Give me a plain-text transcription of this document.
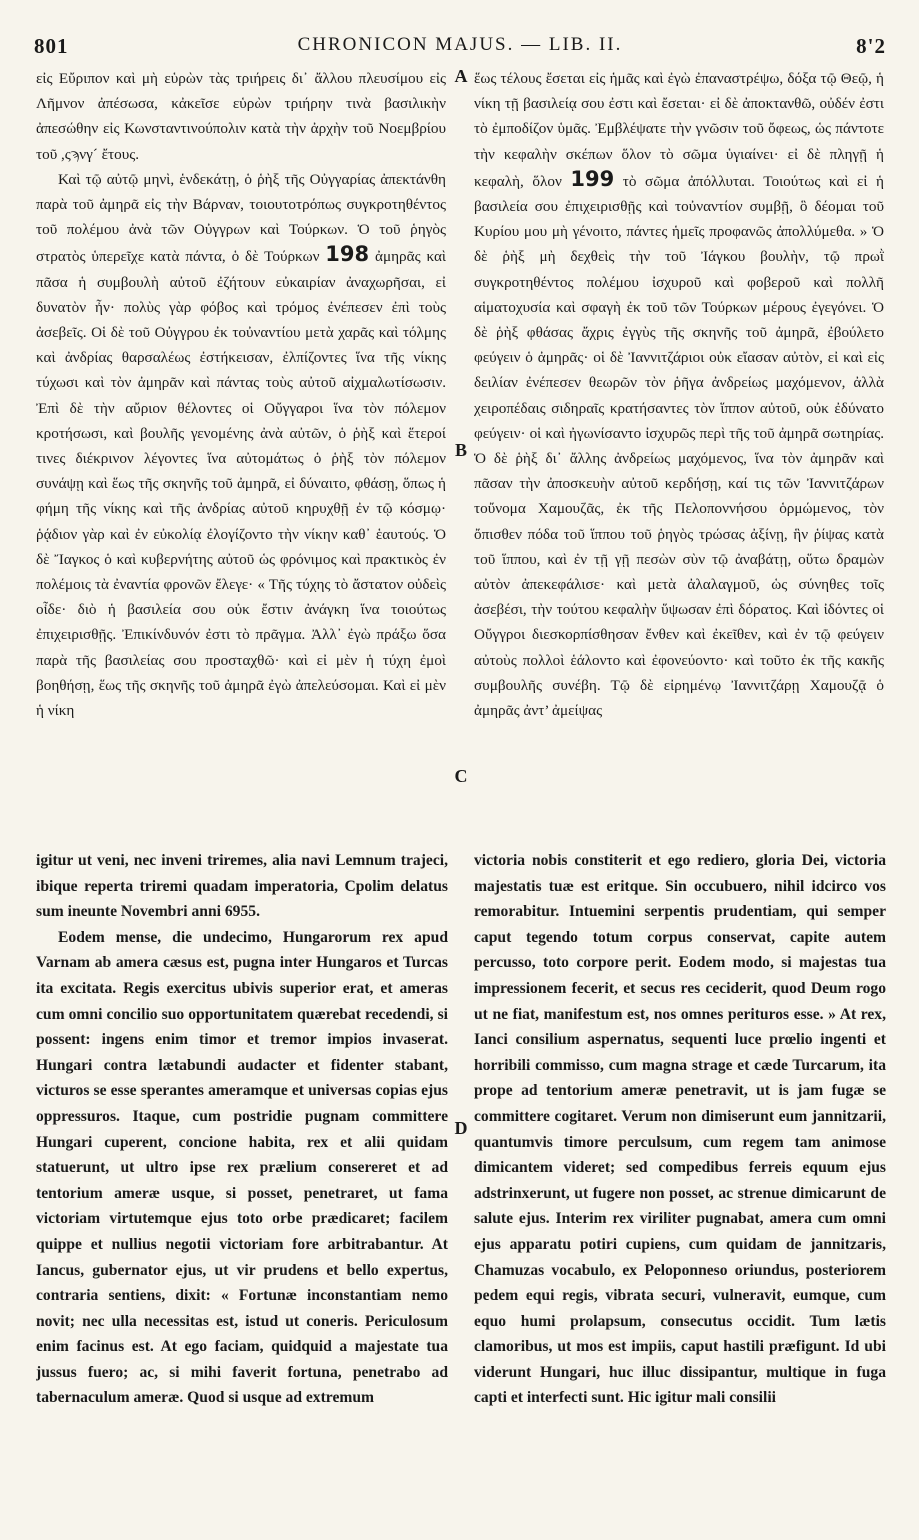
801	CHRONICON MAJUS. — LIB. II.	8'2
A
B
C
D

εἰς Εὔριπον καὶ μὴ εὑρὼν τὰς τριήρεις δι᾽ ἄλλου πλευσίμου εἰς Λῆμνον ἀπέσωσα, κἀκεῖσε εὑρὼν τριήρην τινὰ βασιλικὴν ἀπεσώθην εἰς Κωνσταντινούπολιν κατὰ τὴν ἀρχὴν τοῦ Νοεμβρίου τοῦ ,ςϡνγ´ ἔτους.

Καὶ τῷ αὐτῷ μηνὶ, ἑνδεκάτῃ, ὁ ῥὴξ τῆς Οὐγγαρίας ἀπεκτάνθη παρὰ τοῦ ἀμηρᾶ εἰς τὴν Βάρναν, τοιουτοτρόπως συγκροτηθέντος τοῦ πολέμου ἀνὰ τῶν Οὐγγρων καὶ Τούρκων. Ὁ τοῦ ῥηγὸς στρατὸς ὑπερεῖχε κατὰ πάντα, ὁ δὲ Τούρκων 198 ἀμηρᾶς καὶ πᾶσα ἡ συμβουλὴ αὐτοῦ ἐζήτουν εὐκαιρίαν ἀναχωρῆσαι, εἰ δυνατὸν ἦν· πολὺς γὰρ φόβος καὶ τρόμος ἐνέπεσεν ἐπὶ τοὺς ἀσεβεῖς. Οἱ δὲ τοῦ Οὐγγρου ἐκ τοὐναντίου μετὰ χαρᾶς καὶ τόλμης καὶ ἀνδρίας θαρσαλέως ἐστήκεισαν, ἐλπίζοντες ἵνα τῆς νίκης τύχωσι καὶ τὸν ἀμηρᾶν καὶ πάντας τοὺς αὐτοῦ αἰχμαλωτίσωσιν. Ἐπὶ δὲ τὴν αὔριον θέλοντες οἱ Οὔγγαροι ἵνα τὸν πόλεμον κροτήσωσι, καὶ βουλῆς γενομένης ἀνὰ αὐτῶν, ὁ ῥὴξ καὶ ἕτεροί τινες διέκρινον λέγοντες ἵνα αὐτομάτως ὁ ῥὴξ τὸν πόλεμον συνάψῃ καὶ ἕως τῆς σκηνῆς τοῦ ἀμηρᾶ, εἰ δύναιτο, φθάσῃ, ὅπως ἡ φήμη τῆς νίκης καὶ τῆς ἀνδρίας αὐτοῦ κηρυχθῇ ἐν τῷ κόσμῳ· ῥᾴδιον γὰρ καὶ ἐν εὐκολίᾳ ἐλογίζοντο τὴν νίκην καθ᾽ ἑαυτούς. Ὁ δὲ Ἴαγκος ὁ καὶ κυβερνήτης αὐτοῦ ὡς φρόνιμος καὶ πρακτικὸς ἐν πολέμοις τὰ ἐναντία φρονῶν ἔλεγε· « Τῆς τύχης τὸ ἄστατον οὐδεὶς οἶδε· διὸ ἡ βασιλεία σου οὐκ ἔστιν ἀνάγκη ἵνα τοιούτως ἐπιχειρισθῇς. Ἐπικίνδυνόν ἐστι τὸ πρᾶγμα. Ἀλλ᾽ ἐγὼ πράξω ὅσα παρὰ τῆς βασιλείας σου προσταχθῶ· καὶ εἰ μὲν ἡ τύχη ἐμοὶ βοηθήσῃ, ἕως τῆς σκηνῆς τοῦ ἀμηρᾶ ἐγὼ ἀπελεύσομαι. Καὶ εἰ μὲν ἡ νίκη

ἕως τέλους ἔσεται εἰς ἡμᾶς καὶ ἐγὼ ἐπαναστρέψω, δόξα τῷ Θεῷ, ἡ νίκη τῇ βασιλείᾳ σου ἐστι καὶ ἔσεται· εἰ δὲ ἀποκτανθῶ, οὐδέν ἐστι τὸ ἐμποδίζον ὑμᾶς. Ἐμβλέψατε τὴν γνῶσιν τοῦ ὄφεως, ὡς πάντοτε τὴν κεφαλὴν σκέπων ὅλον τὸ σῶμα ὑγιαίνει· εἰ δὲ πληγῇ ἡ κεφαλὴ, ὅλον 199 τὸ σῶμα ἀπόλλυται. Τοιούτως καὶ εἰ ἡ βασιλεία σου ἐπιχειρισθῇς καὶ τοὐναντίον συμβῇ, ὃ δέομαι τοῦ Κυρίου μου μὴ γένοιτο, πάντες ἡμεῖς προφανῶς ἀπολλύμεθα. » Ὁ δὲ ῥὴξ μὴ δεχθεὶς τὴν τοῦ Ἰάγκου βουλὴν, τῷ πρωῒ συγκροτηθέντος πολέμου ἰσχυροῦ καὶ φοβεροῦ καὶ πολλῆ αἱματοχυσία καὶ σφαγὴ ἐκ τοῦ τῶν Τούρκων μέρους ἐγεγόνει. Ὁ δὲ ῥὴξ φθάσας ἄχρις ἐγγὺς τῆς σκηνῆς τοῦ ἀμηρᾶ, ἐβούλετο φεύγειν ὁ ἀμηρᾶς· οἱ δὲ Ἰαννιτζάριοι οὐκ εἴασαν αὐτὸν, εἰ καὶ εἰς δειλίαν ἐνέπεσεν θεωρῶν τὸν ῥῆγα ἀνδρείως μαχόμενον, ἀλλὰ χειροπέδαις σιδηραῖς κρατήσαντες τὸν ἵππον αὐτοῦ, οὐκ ἐδύνατο φεύγειν· οἱ καὶ ἠγωνίσαντο ἰσχυρῶς περὶ τῆς τοῦ ἀμηρᾶ σωτηρίας. Ὁ δὲ ῥὴξ δι᾽ ἄλλης ἀνδρείως μαχόμενος, ἵνα τὸν ἀμηρᾶν καὶ πᾶσαν τὴν ἀποσκευὴν αὐτοῦ κερδήσῃ, καί τις τῶν Ἰαννιτζάρων τοὔνομα Χαμουζᾶς, ἐκ τῆς Πελοποννήσου ὁρμώμενος, τὸν ὄπισθεν πόδα τοῦ ἵππου τοῦ ῥηγὸς τρώσας ἀξίνῃ, ἣν ῥίψας κατὰ τοῦ ἵππου, καὶ ἐν τῇ γῇ πεσὼν σὺν τῷ ἀναβάτῃ, οὕτω δραμὼν αὐτὸν ἀπεκεφάλισε· καὶ μετὰ ἀλαλαγμοῦ, ὡς σύνηθες τοῖς ἀσεβέσι, τὴν τούτου κεφαλὴν ὕψωσαν ἐπὶ δόρατος. Καὶ ἰδόντες οἱ Οὔγγροι διεσκορπίσθησαν ἔνθεν καὶ ἐκεῖθεν, καὶ ἐν τῷ φεύγειν αὐτοὺς πολλοὶ ἑάλοντο καὶ ἐφονεύοντο· καὶ τοῦτο ἐκ τῆς κακῆς συμβουλῆς συνέβη. Τῷ δὲ εἰρημένῳ Ἰαννιτζάρῃ Χαμουζᾷ ὁ ἀμηρᾶς ἀντ’ ἀμείψας

igitur ut veni, nec inveni triremes, alia navi Lemnum trajeci, ibique reperta triremi quadam imperatoria, Cpolim delatus sum ineunte Novembri anni 6955.

Eodem mense, die undecimo, Hungarorum rex apud Varnam ab amera cæsus est, pugna inter Hungaros et Turcas ita excitata. Regis exercitus ubivis superior erat, et ameras cum omni concilio suo opportunitatem quærebat recedendi, si possent: ingens enim timor et tremor impios invaserat. Hungari contra lætabundi audacter et fidenter stabant, victuros se esse sperantes ameramque et universas copias ejus oppressuros. Itaque, cum postridie pugnam committere Hungari cuperent, concione habita, rex et alii quidam statuerunt, ut ultro ipse rex prælium consereret et ad tentorium ameræ usque, si posset, penetraret, ut fama victoriam virtutemque ejus toto orbe prædicaret; facilem quippe et nullius negotii victoriam fore arbitrabantur. At Iancus, gubernator ejus, ut vir prudens et bello expertus, contraria sentiens, dixit: « Fortunæ inconstantiam nemo novit; nec ulla necessitas est, istud ut coneris. Periculosum enim facinus est. At ego faciam, quidquid a majestate tua jussus fuero; ac, si mihi faverit fortuna, penetrabo ad tabernaculum ameræ. Quod si usque ad extremum

victoria nobis constiterit et ego rediero, gloria Dei, victoria majestatis tuæ est eritque. Sin occubuero, nihil idcirco vos remorabitur. Intuemini serpentis prudentiam, qui semper caput tegendo totum corpus conservat, capite autem percusso, toto corpore perit. Eodem modo, si majestas tua impressionem fecerit, et secus res ceciderit, quod Deum rogo ut ne fiat, manifestum est, nos omnes perituros esse. » At rex, Ianci consilium aspernatus, sequenti luce prœlio ingenti et horribili commisso, cum magna strage et cæde Turcarum, ita prope ad tentorium ameræ penetravit, ut is jam fugæ se committere cogitaret. Verum non dimiserunt eum jannitzarii, quantumvis timore perculsum, cum regem tam animose dimicantem videret; sed compedibus ferreis equum ejus adstrinxerunt, ut fugere non posset, ac strenue dimicarunt de salute ejus. Interim rex viriliter pugnabat, amera cum omni ejus apparatu potiri cupiens, cum quidam de jannitzaris, Chamuzas vocabulo, ex Peloponneso oriundus, posteriorem pedem equi regis, vibrata securi, vulneravit, eumque, cum equo humi prolapsum, consecutus occidit. Tum lætis clamoribus, ut mos est impiis, caput hastili præfigunt. Id ubi viderunt Hungari, huc illuc dissipantur, multique in fuga capti et interfecti sunt. Hic igitur mali consilii
